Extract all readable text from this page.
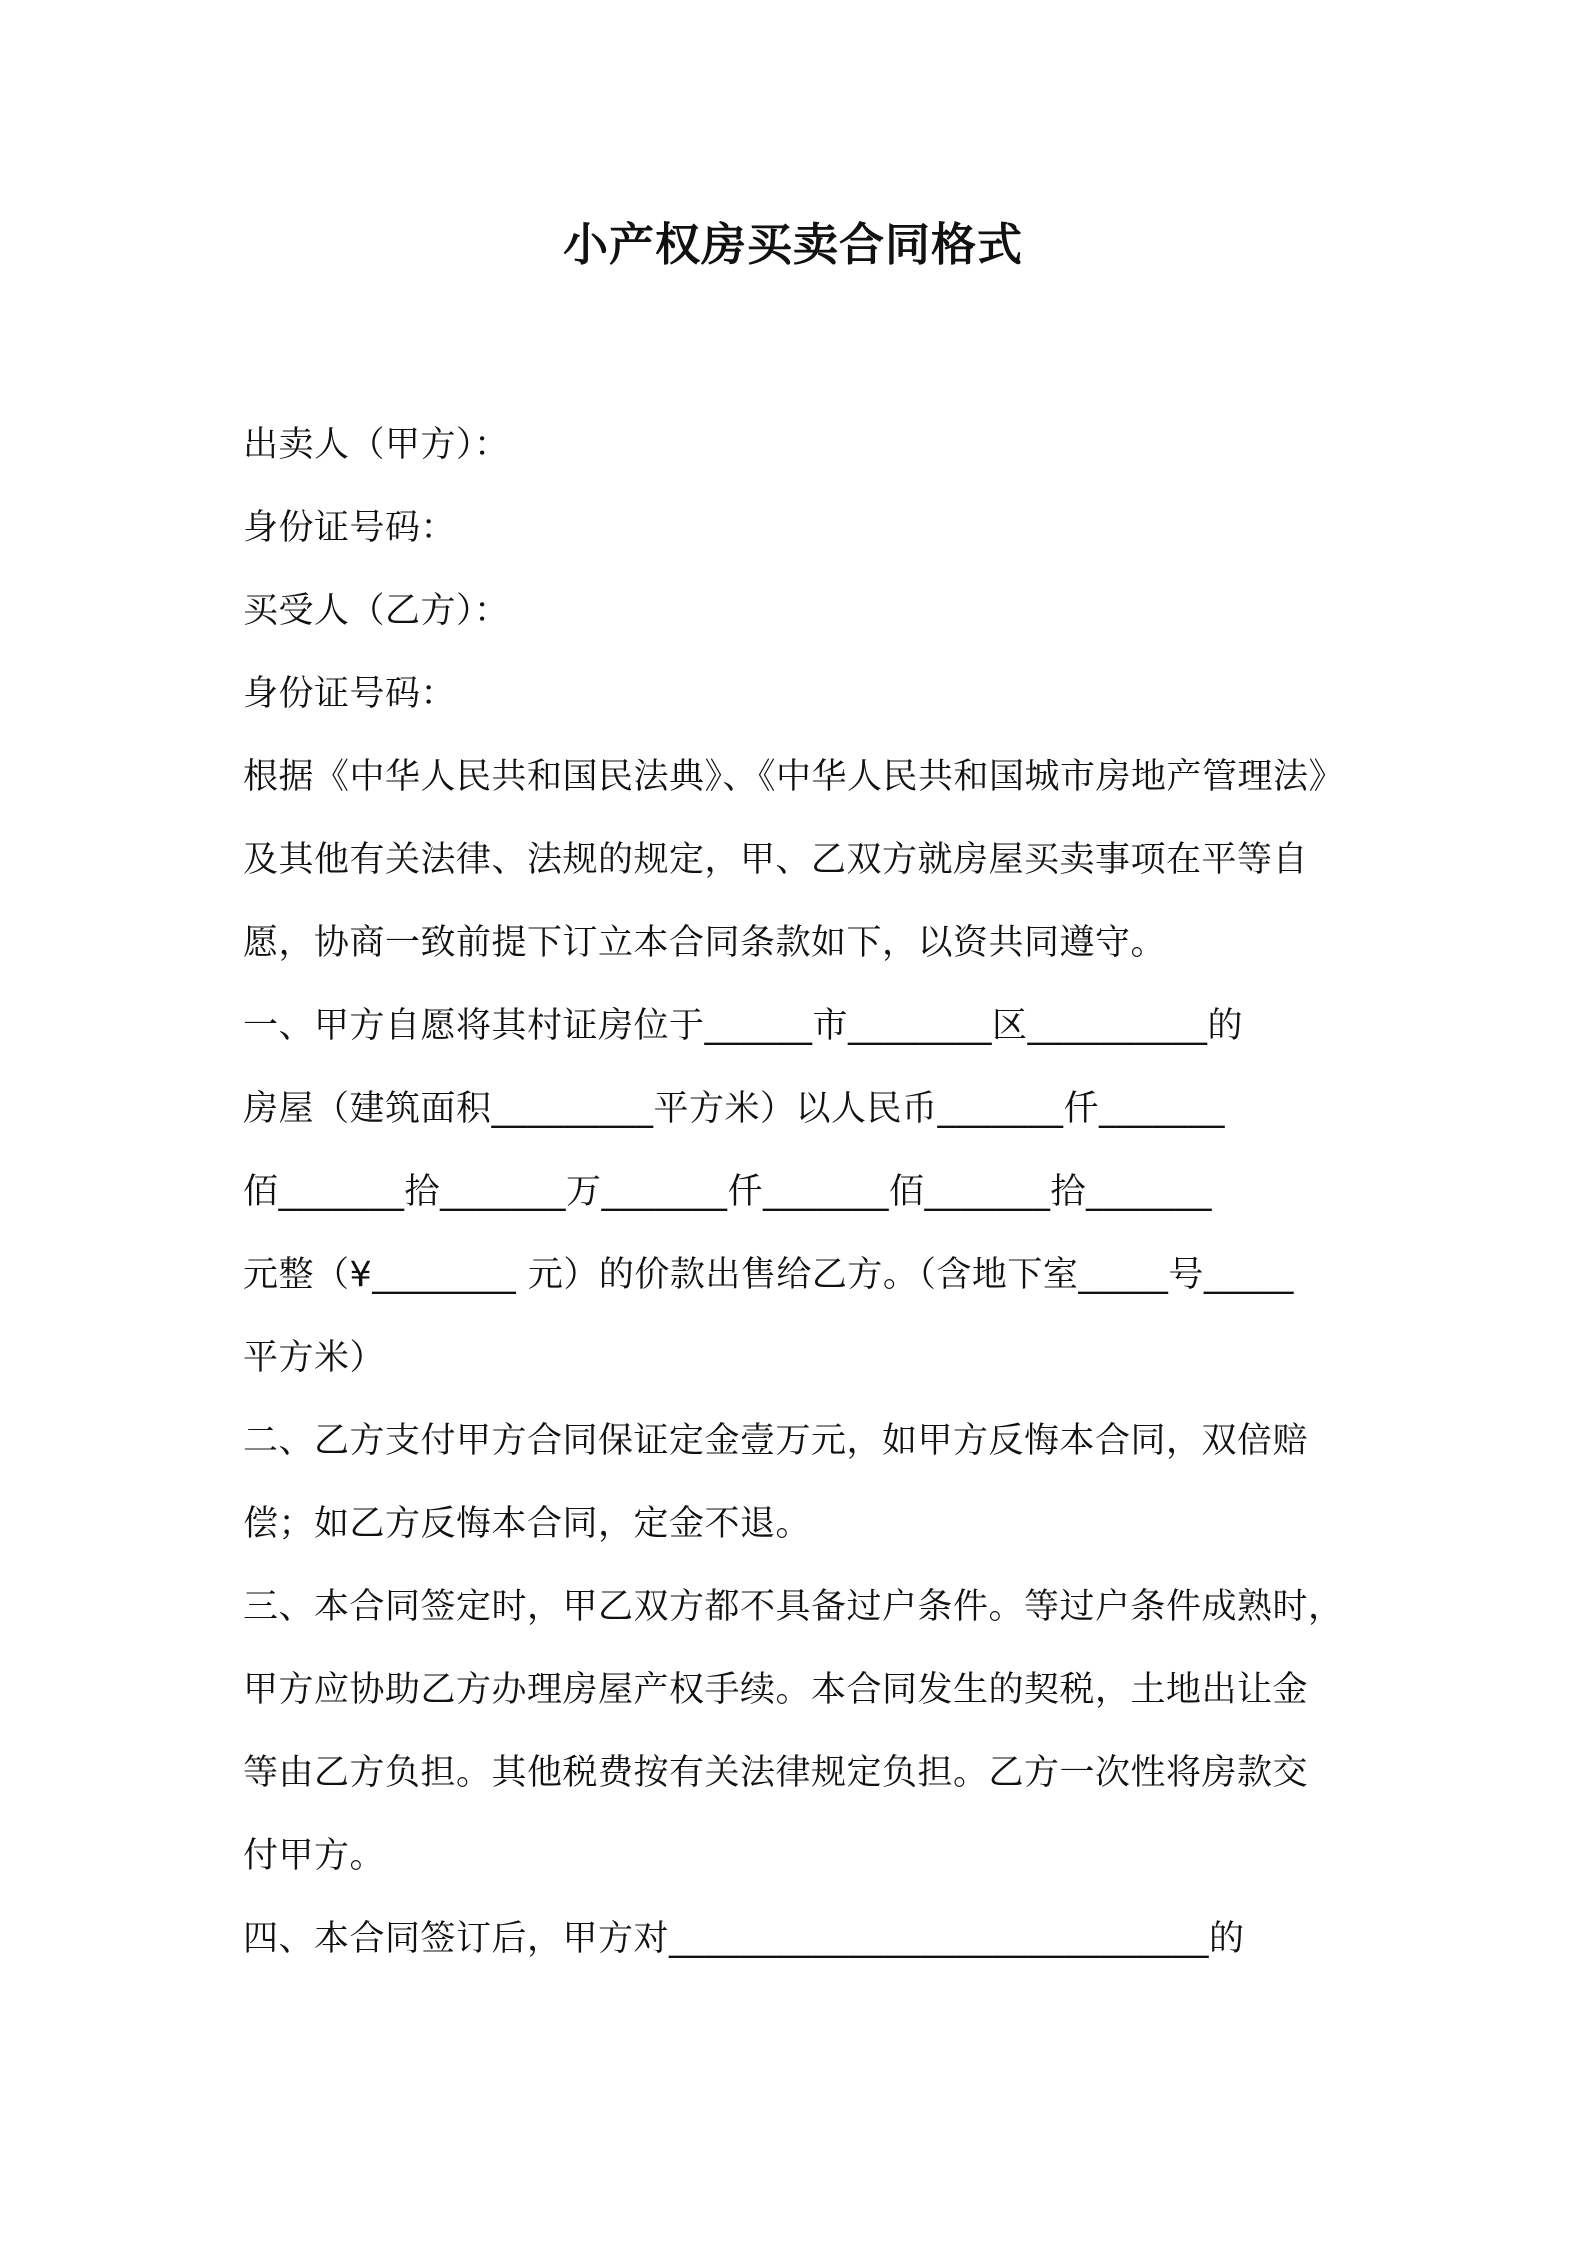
小产权房买卖合同格式
出卖人（甲方）：
身份证号码：
买受人（乙方）：
身份证号码：
根据《中华人民共和国民法典》、《中华人民共和国城市房地产管理法》
及其他有关法律、法规的规定，甲、乙双方就房屋买卖事项在平等自
愿，协商一致前提下订立本合同条款如下，以资共同遵守。
一、甲方自愿将其村证房位于______市________区__________的
房屋（建筑面积_________平方米）以人民币_______仟_______
佰_______拾_______万_______仟_______佰_______拾_______
元整（¥________ 元）的价款出售给乙方。（含地下室_____号_____
平方米）
二、乙方支付甲方合同保证定金壹万元，如甲方反悔本合同，双倍赔
偿；如乙方反悔本合同，定金不退。
三、本合同签定时，甲乙双方都不具备过户条件。等过户条件成熟时，
甲方应协助乙方办理房屋产权手续。本合同发生的契税，土地出让金
等由乙方负担。其他税费按有关法律规定负担。乙方一次性将房款交
付甲方。
四、本合同签订后，甲方对______________________________的
